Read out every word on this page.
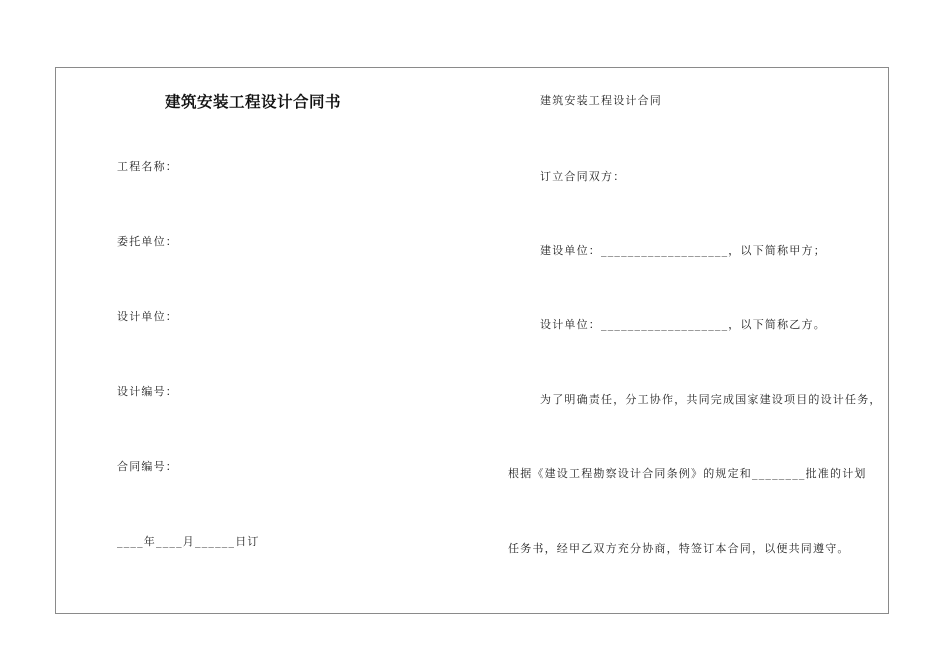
建筑安装工程设计合同书
工程名称：
委托单位：
设计单位：
设计编号：
合同编号：
____年____月______日订
建筑安装工程设计合同
订立合同双方：
建设单位：___________________，以下简称甲方；
设计单位：___________________，以下简称乙方。
为了明确责任，分工协作，共同完成国家建设项目的设计任务，
根据《建设工程勘察设计合同条例》的规定和________批准的计划
任务书，经甲乙双方充分协商，特签订本合同，以便共同遵守。
